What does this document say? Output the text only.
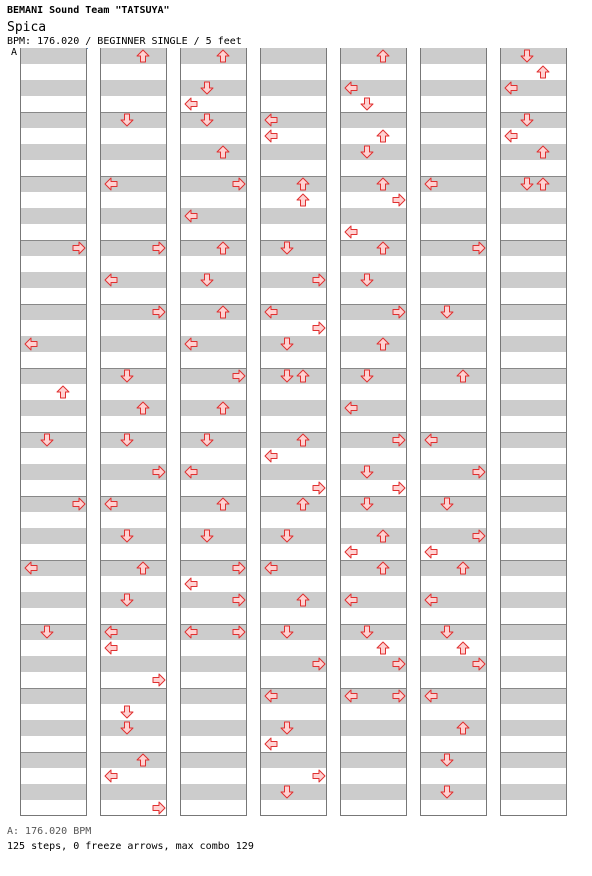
BEMANI Sound Team "TATSUYA"
Spica
BPM: 176.020 / BEGINNER SINGLE / 5 feet
A
A: 176.020 BPM
125 steps, 0 freeze arrows, max combo 129
